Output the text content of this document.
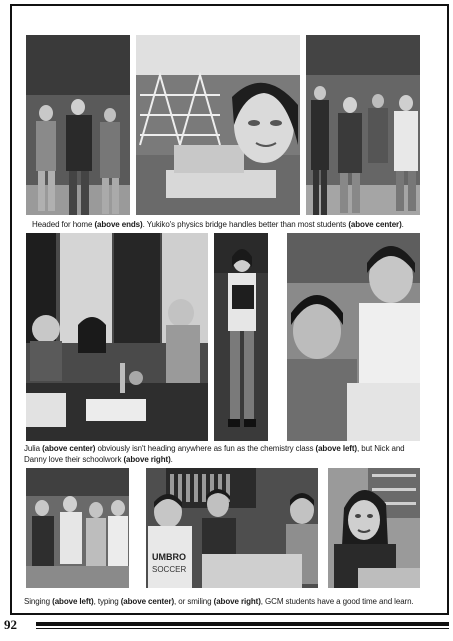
Headed for home (above ends). Yukiko's physics bridge handles better than most students (above center).
Julia (above center) obviously isn't heading anywhere as fun as the chemistry class (above left), but Nick and
Danny love their schoolwork (above right).
UMBRO
SOCCER
Singing (above left), typing (above center), or smiling (above right), GCM students have a good time and learn.
92
